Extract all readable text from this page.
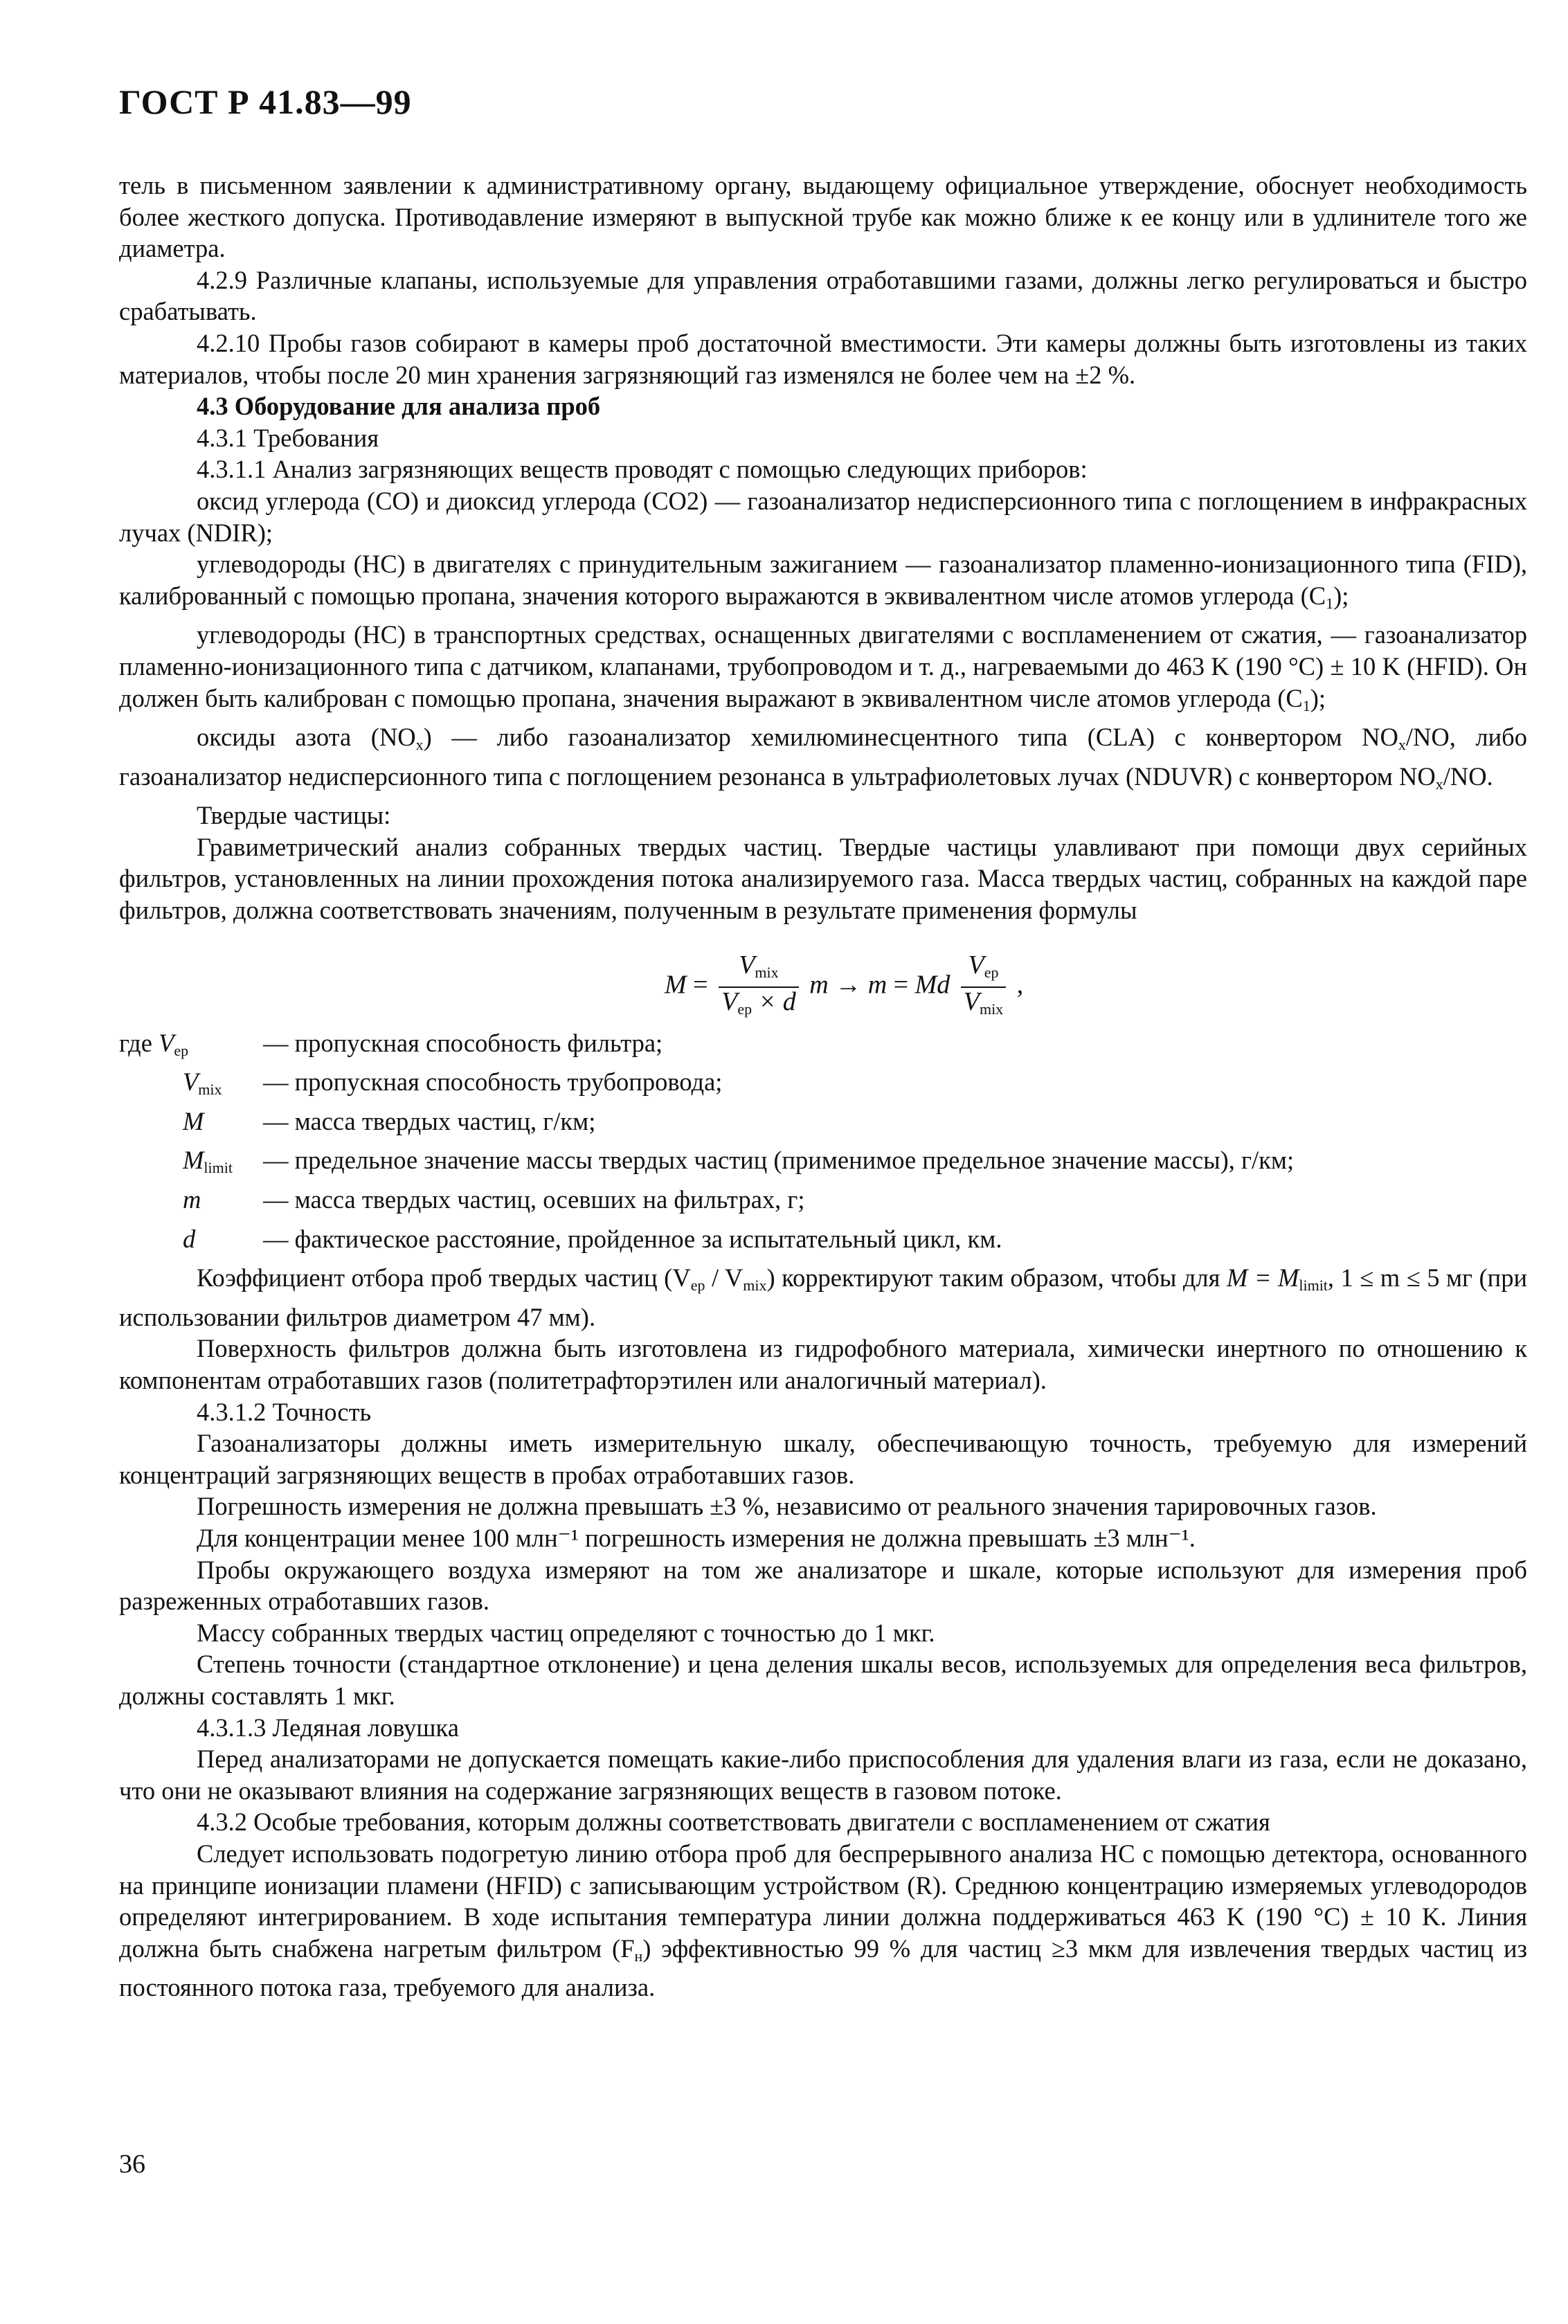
ГОСТ Р 41.83—99

тель в письменном заявлении к административному органу, выдающему официальное утверждение, обоснует необходимость более жесткого допуска. Противодавление измеряют в выпускной трубе как можно ближе к ее концу или в удлинителе того же диаметра.

4.2.9 Различные клапаны, используемые для управления отработавшими газами, должны легко регулироваться и быстро срабатывать.

4.2.10 Пробы газов собирают в камеры проб достаточной вместимости. Эти камеры должны быть изготовлены из таких материалов, чтобы после 20 мин хранения загрязняющий газ изменялся не более чем на ±2 %.

4.3 Оборудование для анализа проб

4.3.1 Требования

4.3.1.1 Анализ загрязняющих веществ проводят с помощью следующих приборов:

оксид углерода (CO) и диоксид углерода (CO2) — газоанализатор недисперсионного типа с поглощением в инфракрасных лучах (NDIR);

углеводороды (HC) в двигателях с принудительным зажиганием — газоанализатор пламенно-ионизационного типа (FID), калиброванный с помощью пропана, значения которого выражаются в эквивалентном числе атомов углерода $(C_1)$;

углеводороды (HC) в транспортных средствах, оснащенных двигателями с воспламенением от сжатия, — газоанализатор пламенно-ионизационного типа с датчиком, клапанами, трубопроводом и т. д., нагреваемыми до 463 K (190 °C) ± 10 K (HFID). Он должен быть калиброван с помощью пропана, значения выражают в эквивалентном числе атомов углерода $(C_1)$;

оксиды азота $(NO_x)$ — либо газоанализатор хемилюминесцентного типа (CLA) с конвертором $NO_x/NO$, либо газоанализатор недисперсионного типа с поглощением резонанса в ультрафиолетовых лучах (NDUVR) с конвертором $NO_x/NO$.

Твердые частицы:

Гравиметрический анализ собранных твердых частиц. Твердые частицы улавливают при помощи двух серийных фильтров, установленных на линии прохождения потока анализируемого газа. Масса твердых частиц, собранных на каждой паре фильтров, должна соответствовать значениям, полученным в результате применения формулы

$M = \frac{V_{mix}}{V_{ep} \times d}$ m → m = Md $\frac{V_{ep}}{V_{mix}}$ ,
где $V_{ep}$	— пропускная способность фильтра;
$V_{mix}$	— пропускная способность трубопровода;
M	— масса твердых частиц, г/км;
$M_{limit}$	— предельное значение массы твердых частиц (применимое предельное значение массы), г/км;
m	— масса твердых частиц, осевших на фильтрах, г;
d	— фактическое расстояние, пройденное за испытательный цикл, км.

Коэффициент отбора проб твердых частиц $(V_{ep} / V_{mix})$ корректируют таким образом, чтобы для $M = M_{limit}$, 1 ≤ m ≤ 5 мг (при использовании фильтров диаметром 47 мм).

Поверхность фильтров должна быть изготовлена из гидрофобного материала, химически инертного по отношению к компонентам отработавших газов (политетрафторэтилен или аналогичный материал).

4.3.1.2 Точность

Газоанализаторы должны иметь измерительную шкалу, обеспечивающую точность, требуемую для измерений концентраций загрязняющих веществ в пробах отработавших газов.

Погрешность измерения не должна превышать ±3 %, независимо от реального значения тарировочных газов.

Для концентрации менее 100 млн⁻¹ погрешность измерения не должна превышать ±3 млн⁻¹.

Пробы окружающего воздуха измеряют на том же анализаторе и шкале, которые используют для измерения проб разреженных отработавших газов.

Массу собранных твердых частиц определяют с точностью до 1 мкг.

Степень точности (стандартное отклонение) и цена деления шкалы весов, используемых для определения веса фильтров, должны составлять 1 мкг.

4.3.1.3 Ледяная ловушка

Перед анализаторами не допускается помещать какие-либо приспособления для удаления влаги из газа, если не доказано, что они не оказывают влияния на содержание загрязняющих веществ в газовом потоке.

4.3.2 Особые требования, которым должны соответствовать двигатели с воспламенением от сжатия

Следует использовать подогретую линию отбора проб для беспрерывного анализа HC с помощью детектора, основанного на принципе ионизации пламени (HFID) с записывающим устройством (R). Среднюю концентрацию измеряемых углеводородов определяют интегрированием. В ходе испытания температура линии должна поддерживаться 463 K (190 °C) ± 10 K. Линия должна быть снабжена нагретым фильтром $(F_н)$ эффективностью 99 % для частиц ≥3 мкм для извлечения твердых частиц из постоянного потока газа, требуемого для анализа.

36
